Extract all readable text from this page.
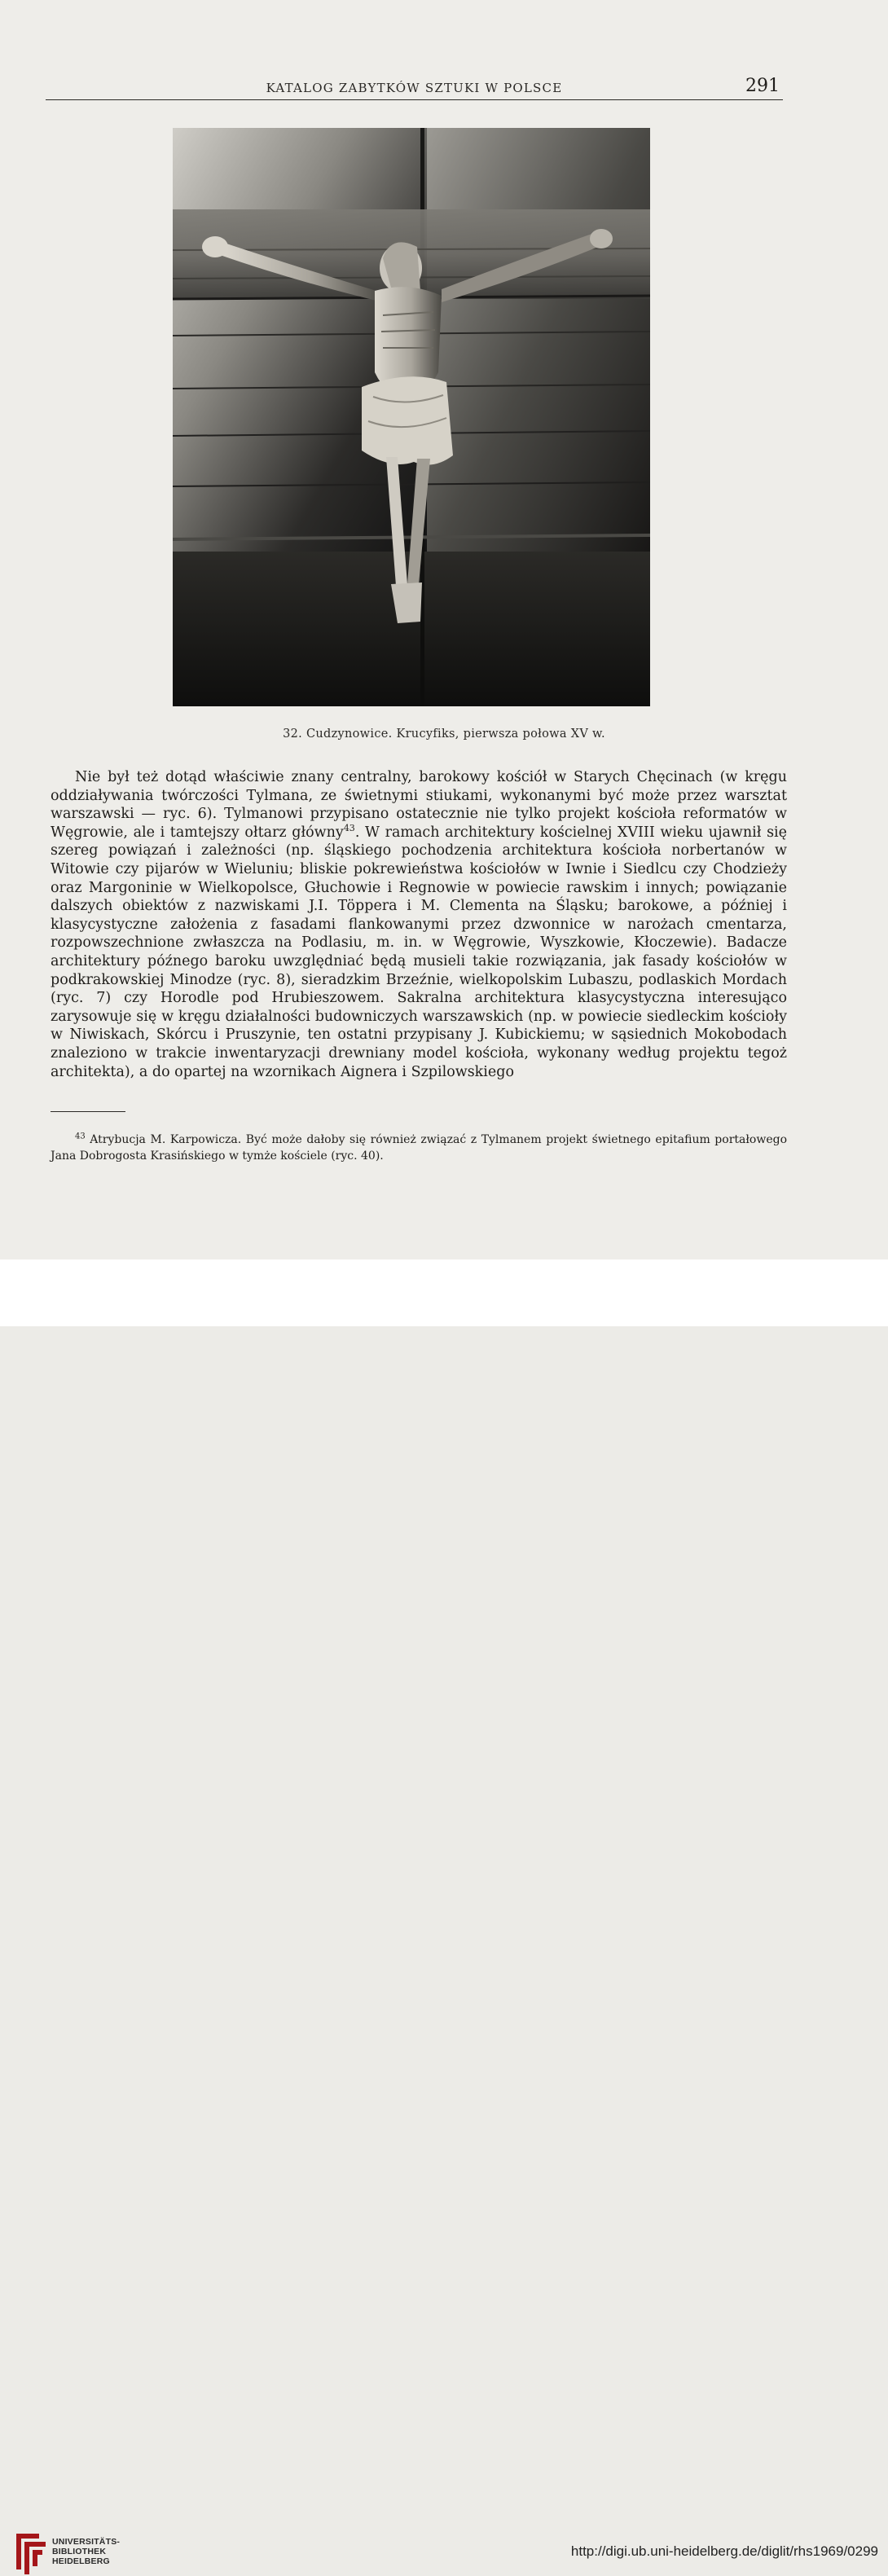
KATALOG ZABYTKÓW SZTUKI W POLSCE	291
32. Cudzynowice. Krucyfiks, pierwsza połowa XV w.

Nie był też dotąd właściwie znany centralny, barokowy kościół w Starych Chęcinach (w kręgu oddziaływania twórczości Tylmana, ze świetnymi stiukami, wykonanymi być może przez warsztat warszawski — ryc. 6). Tylmanowi przypisano ostatecznie nie tylko projekt kościoła reformatów w Węgrowie, ale i tamtejszy ołtarz główny$^{43}$. W ramach architektury kościelnej XVIII wieku ujawnił się szereg powiązań i zależności (np. śląskiego pochodzenia architektura kościoła norbertanów w Witowie czy pijarów w Wieluniu; bliskie pokrewieństwa kościołów w Iwnie i Siedlcu czy Chodzieży oraz Margoninie w Wielkopolsce, Głuchowie i Regnowie w powiecie rawskim i innych; powiązanie dalszych obiektów z nazwiskami J.I. Töppera i M. Clementa na Śląsku; barokowe, a później i klasycystyczne założenia z fasadami flankowanymi przez dzwonnice w narożach cmentarza, rozpowszechnione zwłaszcza na Podlasiu, m. in. w Węgrowie, Wyszkowie, Kłoczewie). Badacze architektury późnego baroku uwzględniać będą musieli takie rozwiązania, jak fasady kościołów w podkrakowskiej Minodze (ryc. 8), sieradzkim Brzeźnie, wielkopolskim Lubaszu, podlaskich Mordach (ryc. 7) czy Horodle pod Hrubieszowem. Sakralna architektura klasycystyczna interesująco zarysowuje się w kręgu działalności budowniczych warszawskich (np. w powiecie siedleckim kościoły w Niwiskach, Skórcu i Pruszynie, ten ostatni przypisany J. Kubickiemu; w sąsiednich Mokobodach znaleziono w trakcie inwentaryzacji drewniany model kościoła, wykonany według projektu tegoż architekta), a do opartej na wzornikach Aignera i Szpilowskiego

$^{43}$ Atrybucja M. Karpowicza. Być może dałoby się również związać z Tylmanem projekt świetnego epitafium portałowego Jana Dobrogosta Krasińskiego w tymże kościele (ryc. 40).

UNIVERSITÄTS-
BIBLIOTHEK
HEIDELBERG
http://digi.ub.uni-heidelberg.de/diglit/rhs1969/0299
